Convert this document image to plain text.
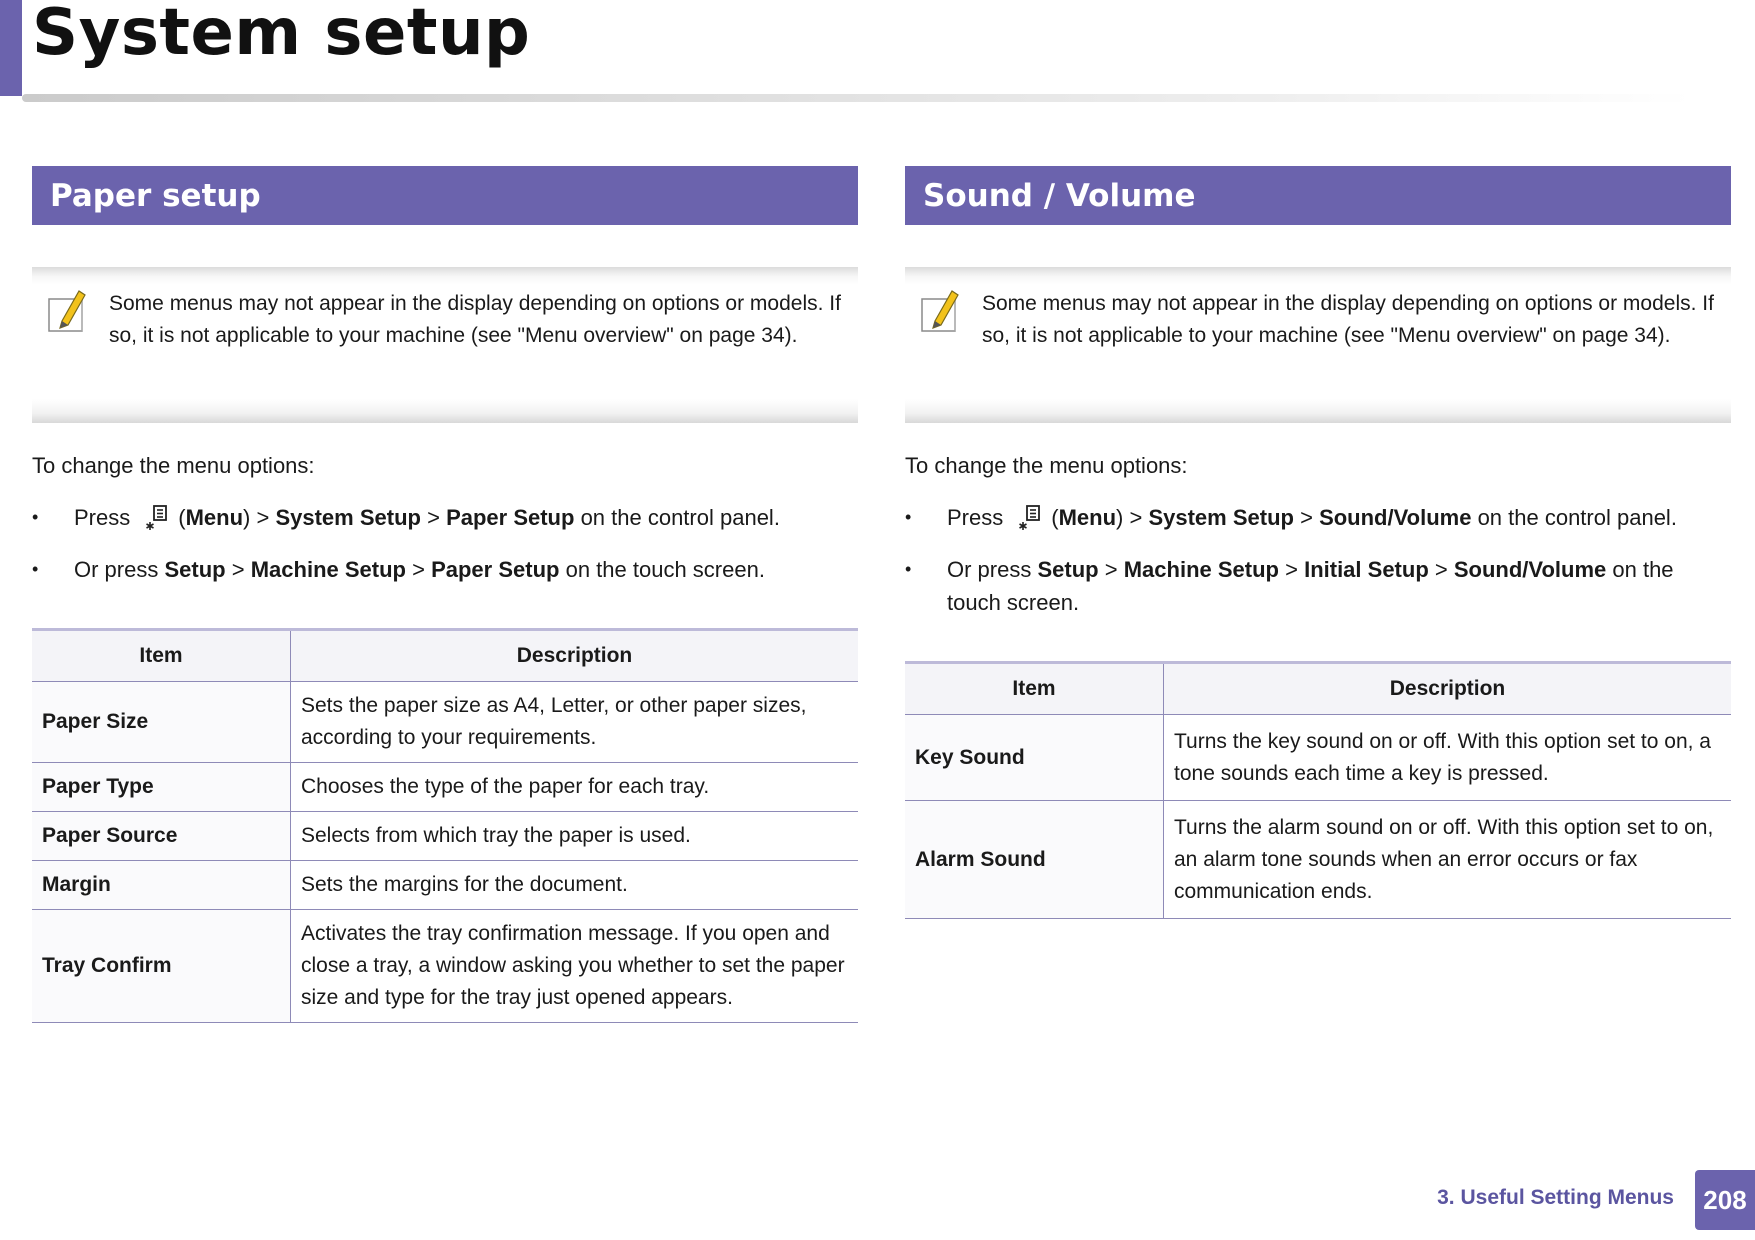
System setup
Paper setup

Some menus may not appear in the display depending on options or models. If so, it is not applicable to your machine (see "Menu overview" on page 34).

To change the menu options:

• Press (Menu) > System Setup > Paper Setup on the control panel.
• Or press Setup > Machine Setup > Paper Setup on the touch screen.
Item	Description
Paper Size	Sets the paper size as A4, Letter, or other paper sizes, according to your requirements.
Paper Type	Chooses the type of the paper for each tray.
Paper Source	Selects from which tray the paper is used.
Margin	Sets the margins for the document.
Tray Confirm	Activates the tray confirmation message. If you open and close a tray, a window asking you whether to set the paper size and type for the tray just opened appears.
Sound / Volume

Some menus may not appear in the display depending on options or models. If so, it is not applicable to your machine (see "Menu overview" on page 34).

To change the menu options:

• Press (Menu) > System Setup > Sound/Volume on the control panel.
• Or press Setup > Machine Setup > Initial Setup > Sound/Volume on the touch screen.
Item	Description
Key Sound	Turns the key sound on or off. With this option set to on, a tone sounds each time a key is pressed.
Alarm Sound	Turns the alarm sound on or off. With this option set to on, an alarm tone sounds when an error occurs or fax communication ends.
3. Useful Setting Menus	208
